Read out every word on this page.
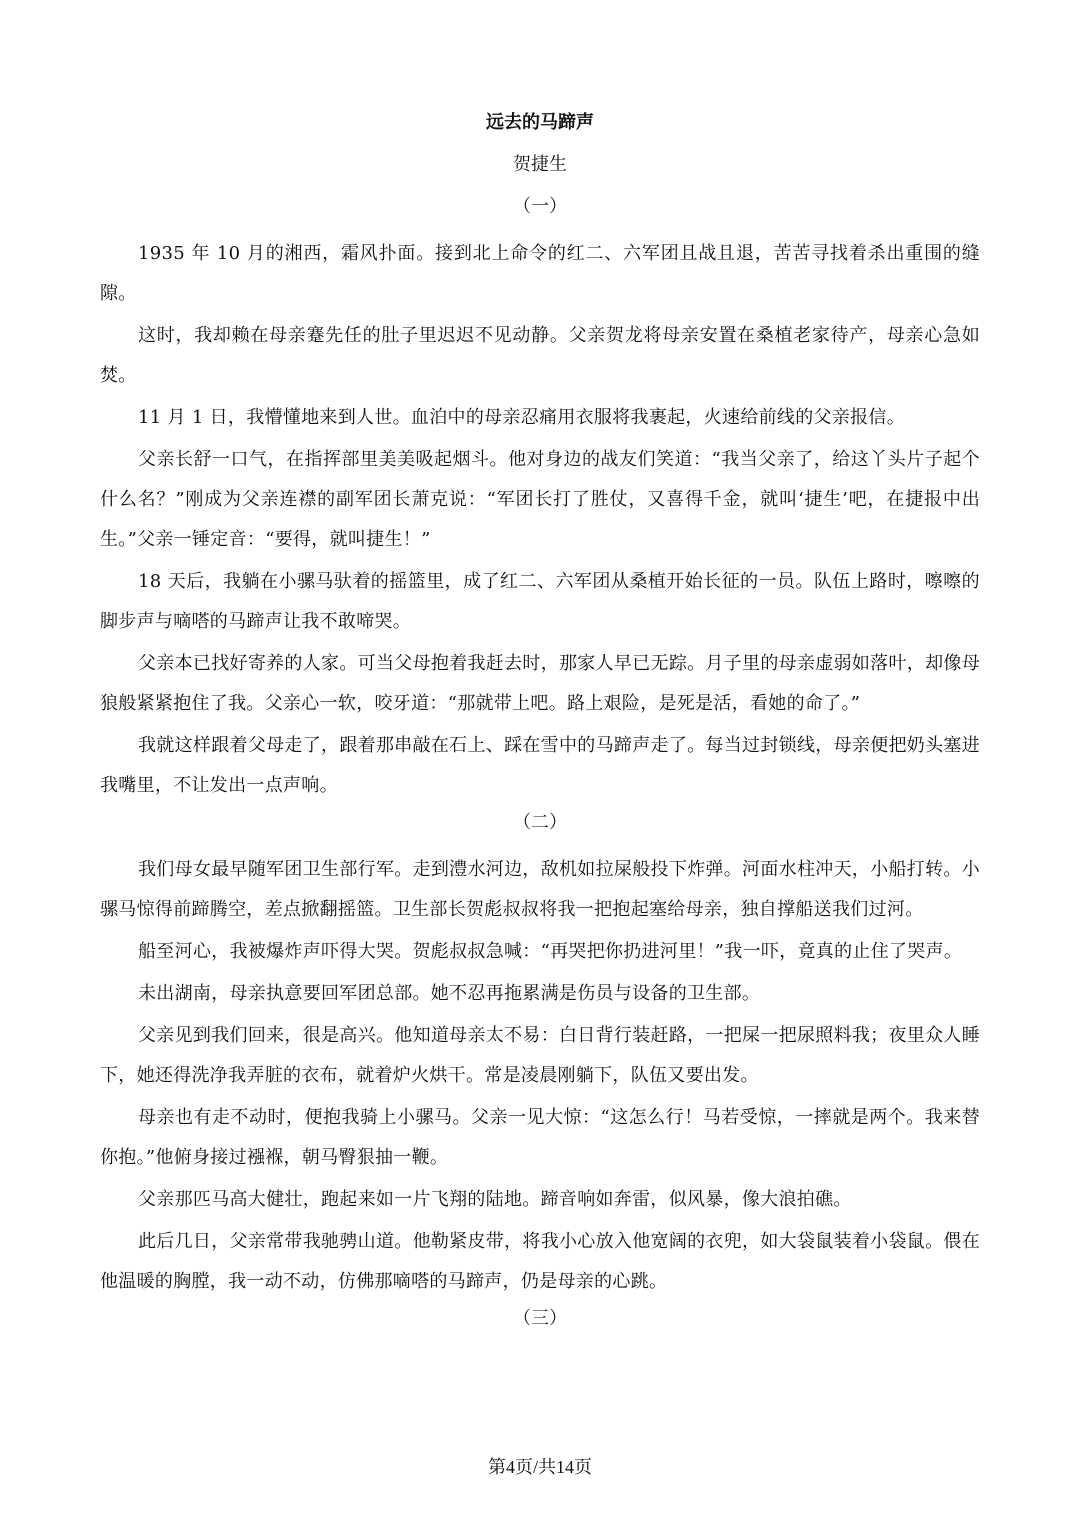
远去的马蹄声
贺捷生
（一）

1935 年 10 月的湘西，霜风扑面。接到北上命令的红二、六军团且战且退，苦苦寻找着杀出重围的缝隙。

这时，我却赖在母亲蹇先任的肚子里迟迟不见动静。父亲贺龙将母亲安置在桑植老家待产，母亲心急如焚。

11 月 1 日，我懵懂地来到人世。血泊中的母亲忍痛用衣服将我裹起，火速给前线的父亲报信。

父亲长舒一口气，在指挥部里美美吸起烟斗。他对身边的战友们笑道：“我当父亲了，给这丫头片子起个什么名？”刚成为父亲连襟的副军团长萧克说：“军团长打了胜仗，又喜得千金，就叫‘捷生’吧，在捷报中出生。”父亲一锤定音：“要得，就叫捷生！”

18 天后，我躺在小骡马驮着的摇篮里，成了红二、六军团从桑植开始长征的一员。队伍上路时，嚓嚓的脚步声与嘀嗒的马蹄声让我不敢啼哭。

父亲本已找好寄养的人家。可当父母抱着我赶去时，那家人早已无踪。月子里的母亲虚弱如落叶，却像母狼般紧紧抱住了我。父亲心一软，咬牙道：“那就带上吧。路上艰险，是死是活，看她的命了。”

我就这样跟着父母走了，跟着那串敲在石上、踩在雪中的马蹄声走了。每当过封锁线，母亲便把奶头塞进我嘴里，不让发出一点声响。

（二）

我们母女最早随军团卫生部行军。走到澧水河边，敌机如拉屎般投下炸弹。河面水柱冲天，小船打转。小骡马惊得前蹄腾空，差点掀翻摇篮。卫生部长贺彪叔叔将我一把抱起塞给母亲，独自撑船送我们过河。

船至河心，我被爆炸声吓得大哭。贺彪叔叔急喊：“再哭把你扔进河里！”我一吓，竟真的止住了哭声。

未出湖南，母亲执意要回军团总部。她不忍再拖累满是伤员与设备的卫生部。

父亲见到我们回来，很是高兴。他知道母亲太不易：白日背行装赶路，一把屎一把尿照料我；夜里众人睡下，她还得洗净我弄脏的衣布，就着炉火烘干。常是凌晨刚躺下，队伍又要出发。

母亲也有走不动时，便抱我骑上小骡马。父亲一见大惊：“这怎么行！马若受惊，一摔就是两个。我来替你抱。”他俯身接过襁褓，朝马臀狠抽一鞭。

父亲那匹马高大健壮，跑起来如一片飞翔的陆地。蹄音响如奔雷，似风暴，像大浪拍礁。

此后几日，父亲常带我驰骋山道。他勒紧皮带，将我小心放入他宽阔的衣兜，如大袋鼠装着小袋鼠。偎在他温暖的胸膛，我一动不动，仿佛那嘀嗒的马蹄声，仍是母亲的心跳。

（三）
第4页/共14页
